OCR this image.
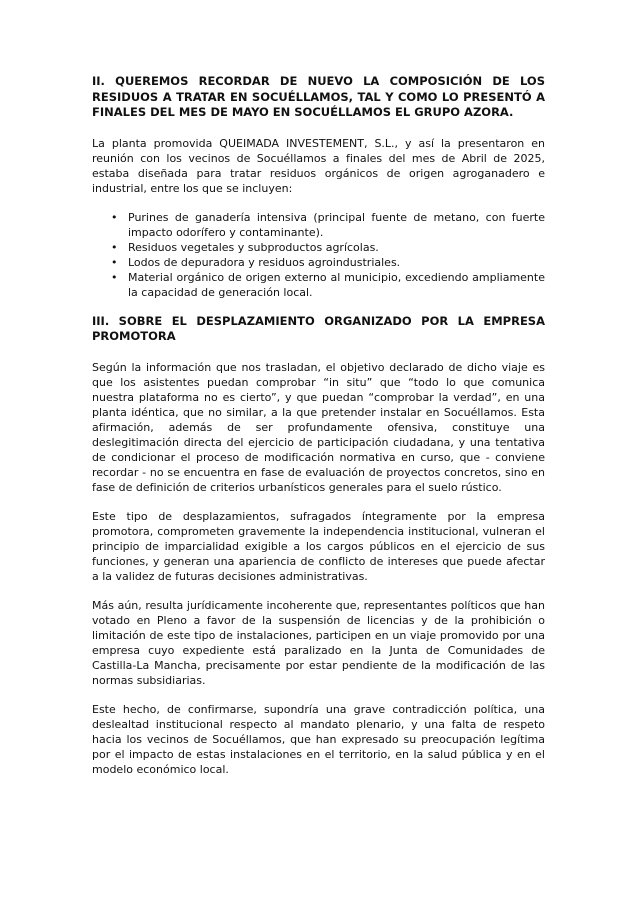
II. QUEREMOS RECORDAR DE NUEVO LA COMPOSICIÓN DE LOS RESIDUOS A TRATAR EN SOCUÉLLAMOS, TAL Y COMO LO PRESENTÓ A FINALES DEL MES DE MAYO EN SOCUÉLLAMOS EL GRUPO AZORA.

La planta promovida QUEIMADA INVESTEMENT, S.L., y así la presentaron en reunión con los vecinos de Socuéllamos a finales del mes de Abril de 2025, estaba diseñada para tratar residuos orgánicos de origen agroganadero e industrial, entre los que se incluyen:

• Purines de ganadería intensiva (principal fuente de metano, con fuerte impacto odorífero y contaminante).
• Residuos vegetales y subproductos agrícolas.
• Lodos de depuradora y residuos agroindustriales.
• Material orgánico de origen externo al municipio, excediendo ampliamente la capacidad de generación local.
III. SOBRE EL DESPLAZAMIENTO ORGANIZADO POR LA EMPRESA PROMOTORA

Según la información que nos trasladan, el objetivo declarado de dicho viaje es que los asistentes puedan comprobar “in situ” que “todo lo que comunica nuestra plataforma no es cierto”, y que puedan “comprobar la verdad”, en una planta idéntica, que no similar, a la que pretender instalar en Socuéllamos. Esta afirmación, además de ser profundamente ofensiva, constituye una deslegitimación directa del ejercicio de participación ciudadana, y una tentativa de condicionar el proceso de modificación normativa en curso, que - conviene recordar - no se encuentra en fase de evaluación de proyectos concretos, sino en fase de definición de criterios urbanísticos generales para el suelo rústico.

Este tipo de desplazamientos, sufragados íntegramente por la empresa promotora, comprometen gravemente la independencia institucional, vulneran el principio de imparcialidad exigible a los cargos públicos en el ejercicio de sus funciones, y generan una apariencia de conflicto de intereses que puede afectar a la validez de futuras decisiones administrativas.

Más aún, resulta jurídicamente incoherente que, representantes políticos que han votado en Pleno a favor de la suspensión de licencias y de la prohibición o limitación de este tipo de instalaciones, participen en un viaje promovido por una empresa cuyo expediente está paralizado en la Junta de Comunidades de Castilla-La Mancha, precisamente por estar pendiente de la modificación de las normas subsidiarias.

Este hecho, de confirmarse, supondría una grave contradicción política, una deslealtad institucional respecto al mandato plenario, y una falta de respeto hacia los vecinos de Socuéllamos, que han expresado su preocupación legítima por el impacto de estas instalaciones en el territorio, en la salud pública y en el modelo económico local.
